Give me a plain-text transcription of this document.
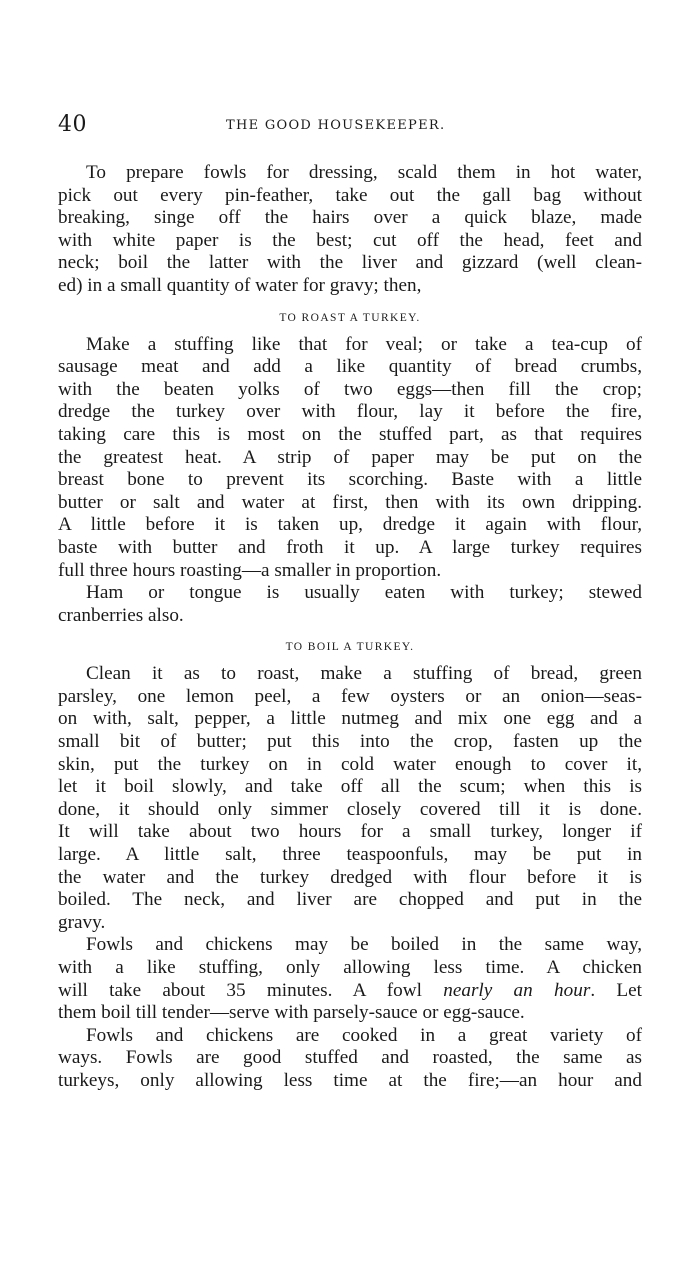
40	THE GOOD HOUSEKEEPER.
To prepare fowls for dressing, scald them in hot water,
pick out every pin-feather, take out the gall bag without
breaking, singe off the hairs over a quick blaze, made
with white paper is the best; cut off the head, feet and
neck; boil the latter with the liver and gizzard (well clean-
ed) in a small quantity of water for gravy; then,
TO ROAST A TURKEY.
Make a stuffing like that for veal; or take a tea-cup of
sausage meat and add a like quantity of bread crumbs,
with the beaten yolks of two eggs—then fill the crop;
dredge the turkey over with flour, lay it before the fire,
taking care this is most on the stuffed part, as that requires
the greatest heat. A strip of paper may be put on the
breast bone to prevent its scorching. Baste with a little
butter or salt and water at first, then with its own dripping.
A little before it is taken up, dredge it again with flour,
baste with butter and froth it up. A large turkey requires
full three hours roasting—a smaller in proportion.
Ham or tongue is usually eaten with turkey; stewed
cranberries also.
TO BOIL A TURKEY.
Clean it as to roast, make a stuffing of bread, green
parsley, one lemon peel, a few oysters or an onion—seas-
on with, salt, pepper, a little nutmeg and mix one egg and a
small bit of butter; put this into the crop, fasten up the
skin, put the turkey on in cold water enough to cover it,
let it boil slowly, and take off all the scum; when this is
done, it should only simmer closely covered till it is done.
It will take about two hours for a small turkey, longer if
large. A little salt, three teaspoonfuls, may be put in
the water and the turkey dredged with flour before it is
boiled. The neck, and liver are chopped and put in the
gravy.
Fowls and chickens may be boiled in the same way,
with a like stuffing, only allowing less time. A chicken
will take about 35 minutes. A fowl nearly an hour. Let
them boil till tender—serve with parsely-sauce or egg-sauce.
Fowls and chickens are cooked in a great variety of
ways. Fowls are good stuffed and roasted, the same as
turkeys, only allowing less time at the fire;—an hour and
